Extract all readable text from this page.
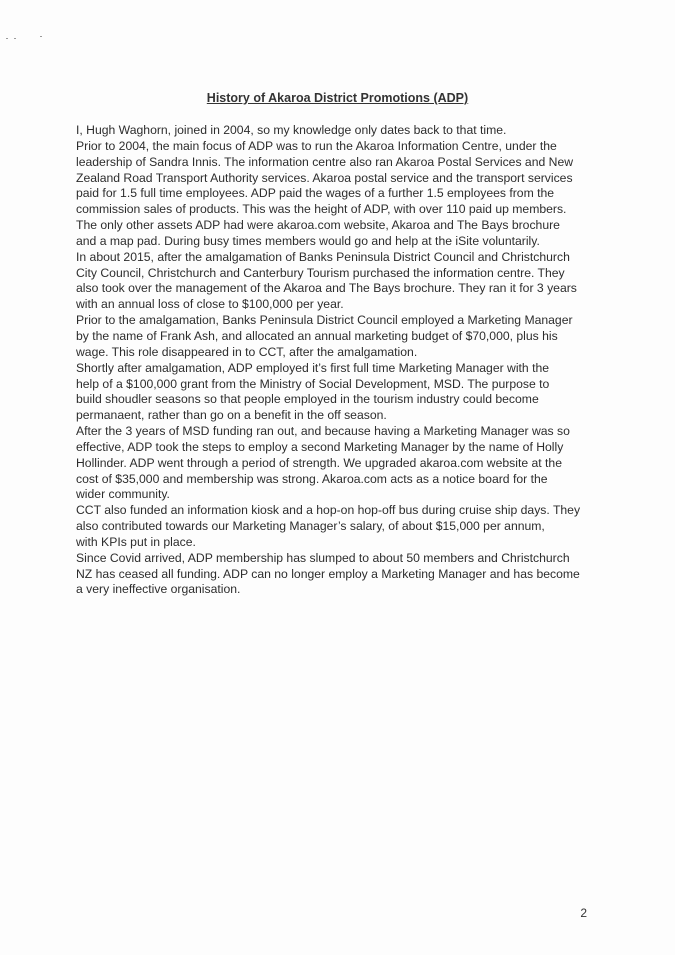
History of Akaroa District Promotions (ADP)
I, Hugh Waghorn, joined in 2004, so my knowledge only dates back to that time.
Prior to 2004, the main focus of ADP was to run the Akaroa Information Centre, under the
leadership of Sandra Innis. The information centre also ran Akaroa Postal Services and New
Zealand Road Transport Authority services. Akaroa postal service and the transport services
paid for 1.5 full time employees. ADP paid the wages of a further 1.5 employees from the
commission sales of products. This was the height of ADP, with over 110 paid up members.
The only other assets ADP had were akaroa.com website, Akaroa and The Bays brochure
and a map pad. During busy times members would go and help at the iSite voluntarily.
In about 2015, after the amalgamation of Banks Peninsula District Council and Christchurch
City Council, Christchurch and Canterbury Tourism purchased the information centre. They
also took over the management of the Akaroa and The Bays brochure. They ran it for 3 years
with an annual loss of close to $100,000 per year.
Prior to the amalgamation, Banks Peninsula District Council employed a Marketing Manager
by the name of Frank Ash, and allocated an annual marketing budget of $70,000, plus his
wage. This role disappeared in to CCT, after the amalgamation.
Shortly after amalgamation, ADP employed it’s first full time Marketing Manager with the
help of a $100,000 grant from the Ministry of Social Development, MSD. The purpose to
build shoudler seasons so that people employed in the tourism industry could become
permanaent, rather than go on a benefit in the off season.
After the 3 years of MSD funding ran out, and because having a Marketing Manager was so
effective, ADP took the steps to employ a second Marketing Manager by the name of Holly
Hollinder. ADP went through a period of strength. We upgraded akaroa.com website at the
cost of $35,000 and membership was strong. Akaroa.com acts as a notice board for the
wider community.
CCT also funded an information kiosk and a hop-on hop-off bus during cruise ship days. They
also contributed towards our Marketing Manager’s salary, of about $15,000 per annum,
with KPIs put in place.
Since Covid arrived, ADP membership has slumped to about 50 members and Christchurch
NZ has ceased all funding. ADP can no longer employ a Marketing Manager and has become
a very ineffective organisation.
2
